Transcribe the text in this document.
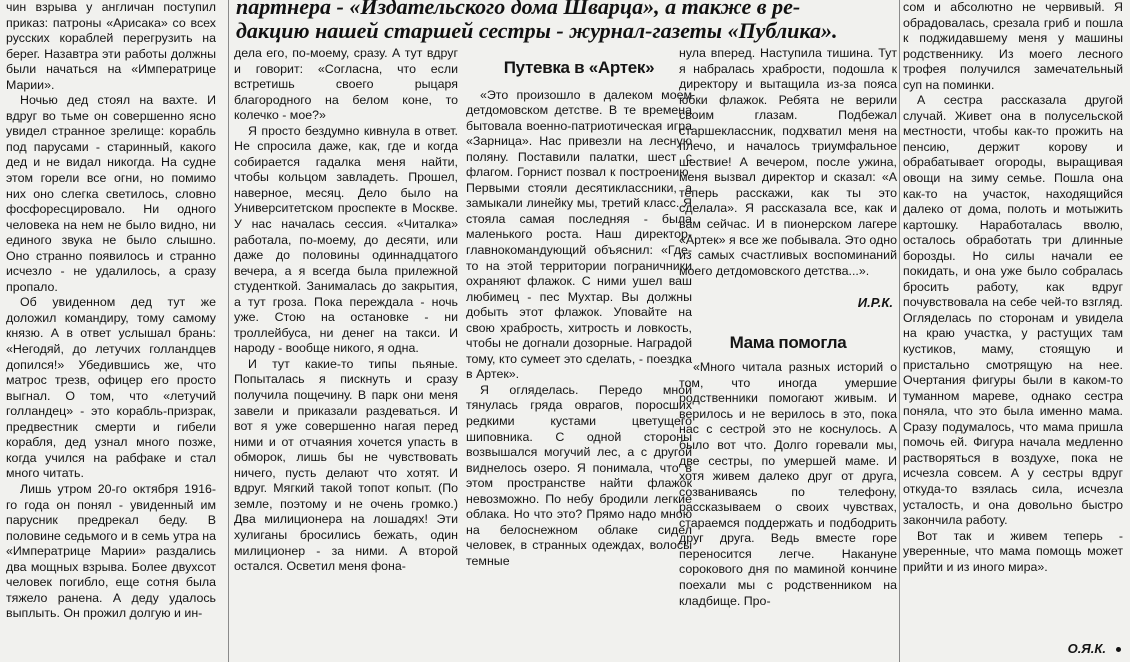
партнера - «Издательского дома Шварца», а также в ре-
дакцию нашей старшей сестры - журнал-газеты «Публика».

чин взрыва у англичан поступил приказ: патроны «Арисака» со всех русских кораблей перегрузить на берег. Назавтра эти работы должны были начаться на «Императрице Марии».

Ночью дед стоял на вахте. И вдруг во тьме он совершенно ясно увидел странное зрелище: корабль под парусами - старинный, какого дед и не видал никогда. На судне этом горели все огни, но помимо них оно слегка светилось, словно фосфоресцировало. Ни одного человека на нем не было видно, ни единого звука не было слышно. Оно странно появилось и странно исчезло - не удалилось, а сразу пропало.

Об увиденном дед тут же доложил командиру, тому самому князю. А в ответ услышал брань: «Негодяй, до летучих голландцев допился!» Убедившись же, что матрос трезв, офицер его просто выгнал. О том, что «летучий голландец» - это корабль-призрак, предвестник смерти и гибели корабля, дед узнал много позже, когда учился на рабфаке и стал много читать.

Лишь утром 20-го октября 1916-го года он понял - увиденный им парусник предрекал беду. В половине седьмого и в семь утра на «Императрице Марии» раздались два мощных взрыва. Более двухсот человек погибло, еще сотня была тяжело ранена. А деду удалось выплыть. Он прожил долгую и ин-

дела его, по-моему, сразу. А тут вдруг и говорит: «Согласна, что если встретишь своего рыцаря благородного на белом коне, то колечко - мое?»

Я просто бездумно кивнула в ответ. Не спросила даже, как, где и когда собирается гадалка меня найти, чтобы кольцом завладеть. Прошел, наверное, месяц. Дело было на Университетском проспекте в Москве. У нас началась сессия. «Читалка» работала, по-моему, до десяти, или даже до половины одиннадцатого вечера, а я всегда была прилежной студенткой. Занималась до закрытия, а тут гроза. Пока переждала - ночь уже. Стою на остановке - ни троллейбуса, ни денег на такси. И народу - вообще никого, я одна.

И тут какие-то типы пьяные. Попыталась я пискнуть и сразу получила пощечину. В парк они меня завели и приказали раздеваться. И вот я уже совершенно нагая перед ними и от отчаяния хочется упасть в обморок, лишь бы не чувствовать ничего, пусть делают что хотят. И вдруг. Мягкий такой топот копыт. (По земле, поэтому и не очень громко.) Два милиционера на лошадях! Эти хулиганы бросились бежать, один милиционер - за ними. А второй остался. Осветил меня фона-

Путевка в «Артек»

«Это произошло в далеком моем детдомовском детстве. В те времена бытовала военно-патриотическая игра «Зарница». Нас привезли на лесную поляну. Поставили палатки, шест с флагом. Горнист позвал к построению. Первыми стояли десятиклассники, а замыкали линейку мы, третий класс. Я стояла самая последняя - была маленького роста. Наш директор-главнокомандующий объяснил: «Где-то на этой территории пограничники охраняют флажок. С ними ушел ваш любимец - пес Мухтар. Вы должны добыть этот флажок. Уповайте на свою храбрость, хитрость и ловкость, чтобы не догнали дозорные. Наградой тому, кто сумеет это сделать, - поездка в Артек».

Я огляделась. Передо мной тянулась гряда оврагов, поросших редкими кустами цветущего шиповника. С одной стороны возвышался могучий лес, а с другой виднелось озеро. Я понимала, что в этом пространстве найти флажок невозможно. По небу бродили легкие облака. Но что это? Прямо надо мною на белоснежном облаке сидел человек, в странных одеждах, волосы темные

нула вперед. Наступила тишина. Тут я набралась храбрости, подошла к директору и вытащила из-за пояса юбки флажок. Ребята не верили своим глазам. Подбежал старшеклассник, подхватил меня на плечо, и началось триумфальное шествие! А вечером, после ужина, меня вызвал директор и сказал: «А теперь расскажи, как ты это сделала». Я рассказала все, как и вам сейчас. И в пионерском лагере «Артек» я все же побывала. Это одно из самых счастливых воспоминаний моего детдомовского детства...».

И.Р.К.
Мама помогла

«Много читала разных историй о том, что иногда умершие родственники помогают живым. И верилось и не верилось в это, пока нас с сестрой это не коснулось. А было вот что. Долго горевали мы, две сестры, по умершей маме. И хотя живем далеко друг от друга, созваниваясь по телефону, рассказываем о своих чувствах, стараемся поддержать и подбодрить друг друга. Ведь вместе горе переносится легче. Накануне сорокового дня по маминой кончине поехали мы с родственником на кладбище. Про-

сом и абсолютно не червивый. Я обрадовалась, срезала гриб и пошла к поджидавшему меня у машины родственнику. Из моего лесного трофея получился замечательный суп на поминки.

А сестра рассказала другой случай. Живет она в полусельской местности, чтобы как-то прожить на пенсию, держит корову и обрабатывает огороды, выращивая овощи на зиму семье. Пошла она как-то на участок, находящийся далеко от дома, полоть и мотыжить картошку. Наработалась вволю, осталось обработать три длинные борозды. Но силы начали ее покидать, и она уже было собралась бросить работу, как вдруг почувствовала на себе чей-то взгляд. Огляделась по сторонам и увидела на краю участка, у растущих там кустиков, маму, стоящую и пристально смотрящую на нее. Очертания фигуры были в каком-то туманном мареве, однако сестра поняла, что это была именно мама. Сразу подумалось, что мама пришла помочь ей. Фигура начала медленно растворяться в воздухе, пока не исчезла совсем. А у сестры вдруг откуда-то взялась сила, исчезла усталость, и она довольно быстро закончила работу.

Вот так и живем теперь - уверенные, что мама помощь может прийти и из иного мира».

О.Я.К.
